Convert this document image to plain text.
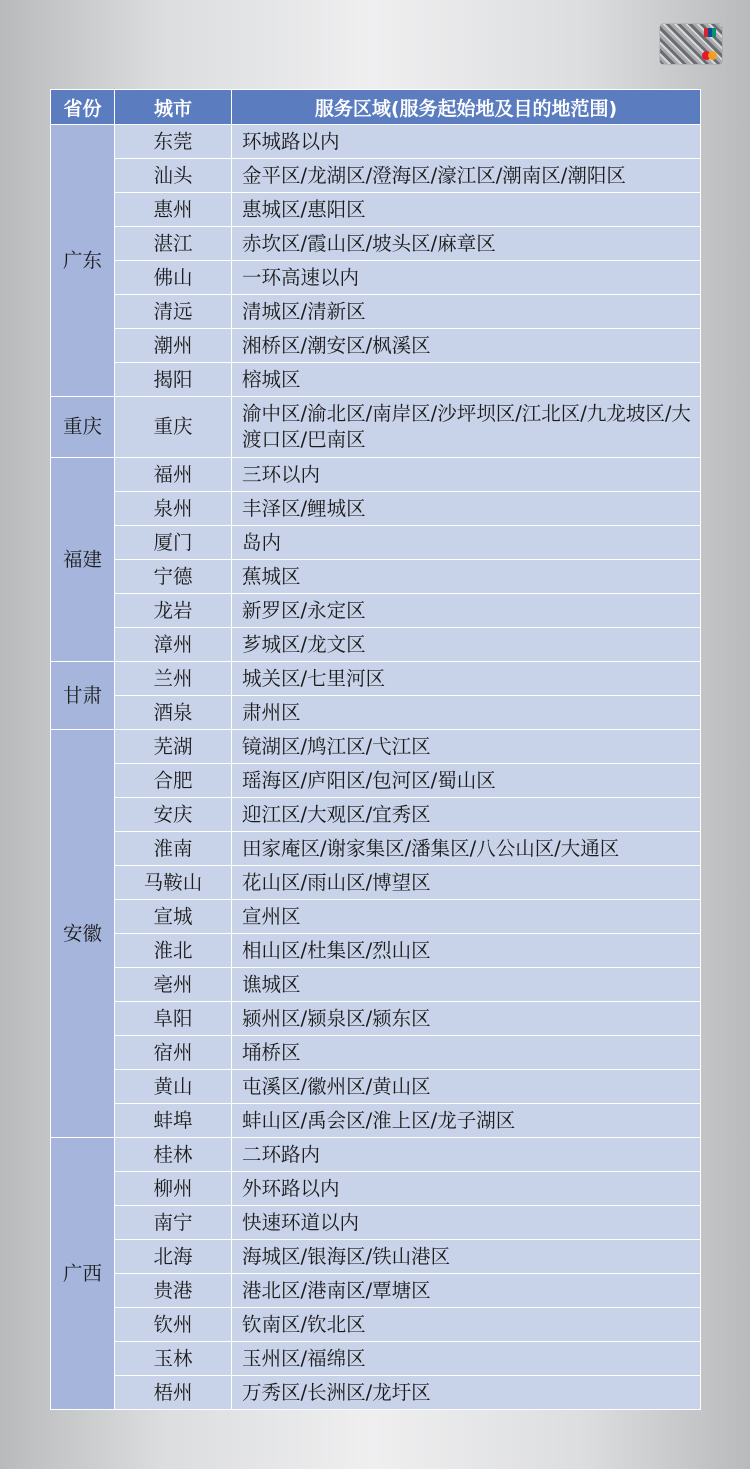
省份	城市	服务区域(服务起始地及目的地范围)
广东	东莞	环城路以内
	汕头	金平区/龙湖区/澄海区/濠江区/潮南区/潮阳区
	惠州	惠城区/惠阳区
	湛江	赤坎区/霞山区/坡头区/麻章区
	佛山	一环高速以内
	清远	清城区/清新区
	潮州	湘桥区/潮安区/枫溪区
	揭阳	榕城区
重庆	重庆	渝中区/渝北区/南岸区/沙坪坝区/江北区/九龙坡区/大渡口区/巴南区
福建	福州	三环以内
	泉州	丰泽区/鲤城区
	厦门	岛内
	宁德	蕉城区
	龙岩	新罗区/永定区
	漳州	芗城区/龙文区
甘肃	兰州	城关区/七里河区
	酒泉	肃州区
安徽	芜湖	镜湖区/鸠江区/弋江区
	合肥	瑶海区/庐阳区/包河区/蜀山区
	安庆	迎江区/大观区/宜秀区
	淮南	田家庵区/谢家集区/潘集区/八公山区/大通区
	马鞍山	花山区/雨山区/博望区
	宣城	宣州区
	淮北	相山区/杜集区/烈山区
	亳州	谯城区
	阜阳	颍州区/颍泉区/颍东区
	宿州	埇桥区
	黄山	屯溪区/徽州区/黄山区
	蚌埠	蚌山区/禹会区/淮上区/龙子湖区
广西	桂林	二环路内
	柳州	外环路以内
	南宁	快速环道以内
	北海	海城区/银海区/铁山港区
	贵港	港北区/港南区/覃塘区
	钦州	钦南区/钦北区
	玉林	玉州区/福绵区
	梧州	万秀区/长洲区/龙圩区
